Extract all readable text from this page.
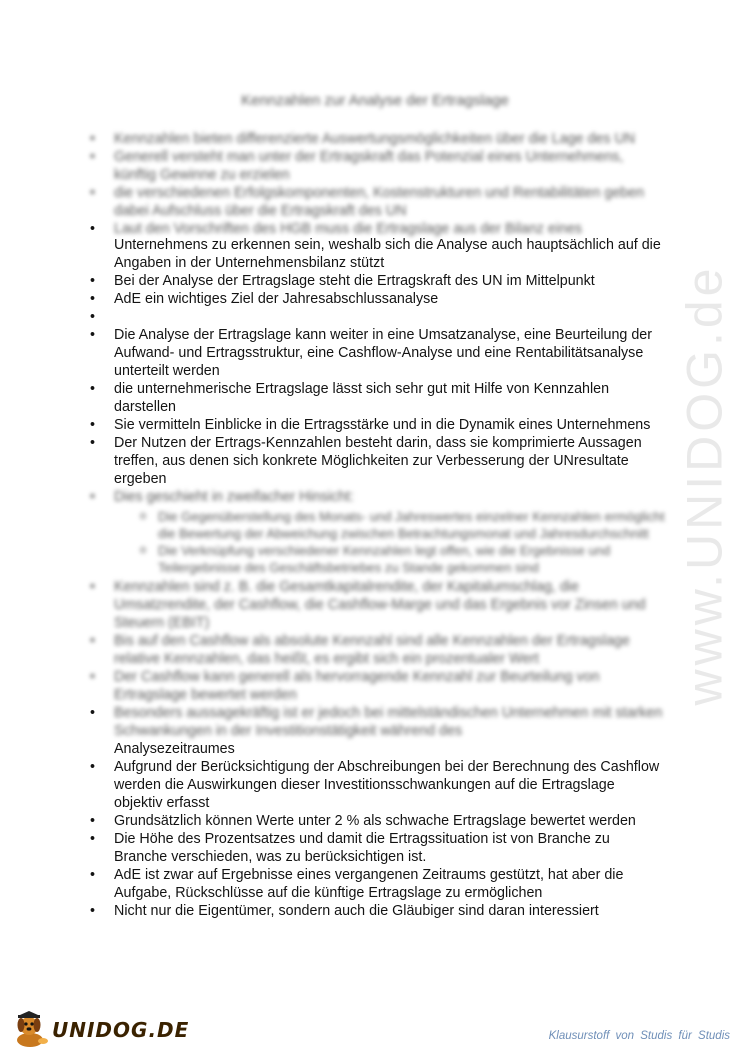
Kennzahlen zur Analyse der Ertragslage
• Kennzahlen bieten differenzierte Auswertungsmöglichkeiten über die Lage des UN
• Generell versteht man unter der Ertragskraft das Potenzial eines Unternehmens, künftig Gewinne zu erzielen
• die verschiedenen Erfolgskomponenten, Kostenstrukturen und Rentabilitäten geben dabei Aufschluss über die Ertragskraft des UN
• Laut den Vorschriften des HGB muss die Ertragslage aus der Bilanz eines
Unternehmens zu erkennen sein, weshalb sich die Analyse auch hauptsächlich auf die Angaben in der Unternehmensbilanz stützt
• Bei der Analyse der Ertragslage steht die Ertragskraft des UN im Mittelpunkt
• AdE ein wichtiges Ziel der Jahresabschlussanalyse
•
• Die Analyse der Ertragslage kann weiter in eine Umsatzanalyse, eine Beurteilung der Aufwand- und Ertragsstruktur, eine Cashflow-Analyse und eine Rentabilitätsanalyse unterteilt werden
• die unternehmerische Ertragslage lässt sich sehr gut mit Hilfe von Kennzahlen darstellen
• Sie vermitteln Einblicke in die Ertragsstärke und in die Dynamik eines Unternehmens
• Der Nutzen der Ertrags-Kennzahlen besteht darin, dass sie komprimierte Aussagen treffen, aus denen sich konkrete Möglichkeiten zur Verbesserung der UNresultate ergeben
• Dies geschieht in zweifacher Hinsicht:
o Die Gegenüberstellung des Monats- und Jahreswertes einzelner Kennzahlen ermöglicht die Bewertung der Abweichung zwischen Betrachtungsmonat und Jahresdurchschnitt
o Die Verknüpfung verschiedener Kennzahlen legt offen, wie die Ergebnisse und Teilergebnisse des Geschäftsbetriebes zu Stande gekommen sind
• Kennzahlen sind z. B. die Gesamtkapitalrendite, der Kapitalumschlag, die Umsatzrendite, der Cashflow, die Cashflow-Marge und das Ergebnis vor Zinsen und Steuern (EBIT)
• Bis auf den Cashflow als absolute Kennzahl sind alle Kennzahlen der Ertragslage relative Kennzahlen, das heißt, es ergibt sich ein prozentualer Wert
• Der Cashflow kann generell als hervorragende Kennzahl zur Beurteilung von Ertragslage bewertet werden
• Besonders aussagekräftig ist er jedoch bei mittelständischen Unternehmen mit starken Schwankungen in der Investitionstätigkeit während des
Analysezeitraumes
• Aufgrund der Berücksichtigung der Abschreibungen bei der Berechnung des Cashflow werden die Auswirkungen dieser Investitionsschwankungen auf die Ertragslage objektiv erfasst
• Grundsätzlich können Werte unter 2 % als schwache Ertragslage bewertet werden
• Die Höhe des Prozentsatzes und damit die Ertragssituation ist von Branche zu Branche verschieden, was zu berücksichtigen ist.
• AdE ist zwar auf Ergebnisse eines vergangenen Zeitraums gestützt, hat aber die Aufgabe, Rückschlüsse auf die künftige Ertragslage zu ermöglichen
• Nicht nur die Eigentümer, sondern auch die Gläubiger sind daran interessiert
www.UNIDOG.de
UNIDOG.DE	Klausurstoff von Studis für Studis
